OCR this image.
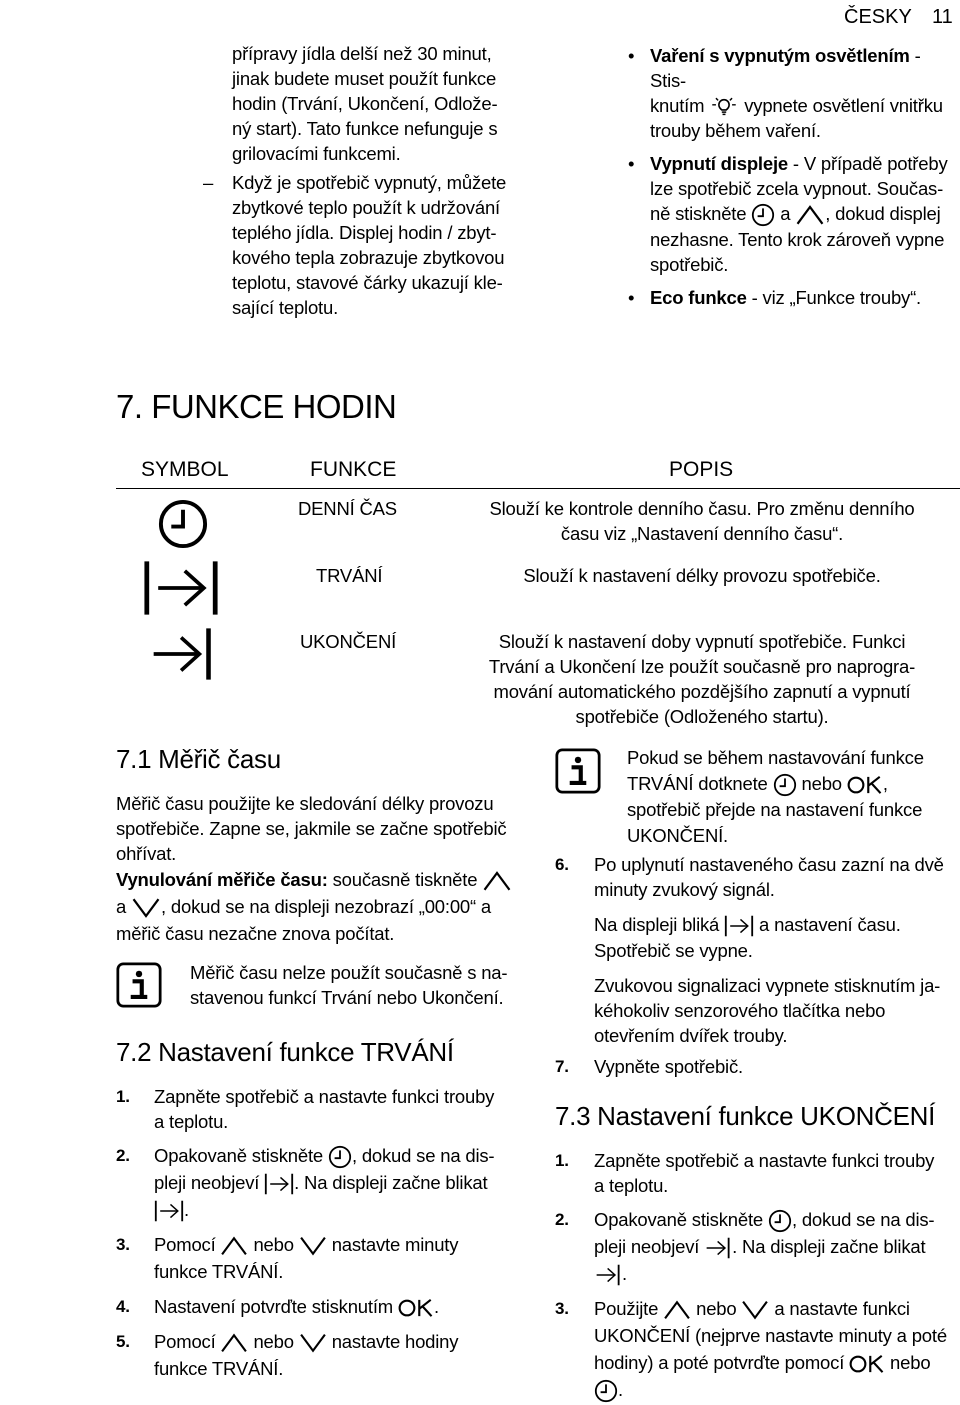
ČESKY 11
přípravy jídla delší než 30 minut,
jinak budete muset použít funkce
hodin (Trvání, Ukončení, Odlože-
ný start). Tato funkce nefunguje s
grilovacími funkcemi.
– Když je spotřebič vypnutý, můžete
zbytkové teplo použít k udržování
teplého jídla. Displej hodin / zbyt-
kového tepla zobrazuje zbytkovou
teplotu, stavové čárky ukazují kle-
sající teplotu.
• Vaření s vypnutým osvětlením - Stis-
knutím vypnete osvětlení vnitřku
trouby během vaření.
• Vypnutí displeje - V případě potřeby
lze spotřebič zcela vypnout. Součas-
ně stiskněte a , dokud displej
nezhasne. Tento krok zároveň vypne
spotřebič.
• Eco funkce - viz „Funkce trouby“.
7. FUNKCE HODIN
SYMBOL	FUNKCE	POPIS
DENNÍ ČAS	Slouží ke kontrole denního času. Pro změnu denního
času viz „Nastavení denního času“.
TRVÁNÍ	Slouží k nastavení délky provozu spotřebiče.
UKONČENÍ	Slouží k nastavení doby vypnutí spotřebiče. Funkci
Trvání a Ukončení lze použít současně pro naprogra-
mování automatického pozdějšího zapnutí a vypnutí
spotřebiče (Odloženého startu).
7.1 Měřič času
Měřič času použijte ke sledování délky provozu
spotřebiče. Zapne se, jakmile se začne spotřebič
ohřívat.
Vynulování měřiče času: současně tiskněte

a , dokud se na displeji nezobrazí „00:00“ a
měřič času nezačne znova počítat.
Měřič času nelze použít současně s na-
stavenou funkcí Trvání nebo Ukončení.
7.2 Nastavení funkce TRVÁNÍ
1. Zapněte spotřebič a nastavte funkci trouby
a teplotu.
2. Opakovaně stiskněte , dokud se na dis-
pleji neobjeví . Na displeji začne blikat

.
3. Pomocí nebo nastavte minuty
funkce TRVÁNÍ.
4. Nastavení potvrďte stisknutím .
5. Pomocí nebo nastavte hodiny
funkce TRVÁNÍ.
Pokud se během nastavování funkce
TRVÁNÍ dotknete nebo ,
spotřebič přejde na nastavení funkce
UKONČENÍ.
6. Po uplynutí nastaveného času zazní na dvě
minuty zvukový signál.
Na displeji bliká a nastavení času.
Spotřebič se vypne.
Zvukovou signalizaci vypnete stisknutím ja-
kéhokoliv senzorového tlačítka nebo
otevřením dvířek trouby.
7. Vypněte spotřebič.
7.3 Nastavení funkce UKONČENÍ
1. Zapněte spotřebič a nastavte funkci trouby
a teplotu.
2. Opakovaně stiskněte , dokud se na dis-
pleji neobjeví . Na displeji začne blikat

.
3. Použijte nebo a nastavte funkci
UKONČENÍ (nejprve nastavte minuty a poté
hodiny) a poté potvrďte pomocí nebo

.
